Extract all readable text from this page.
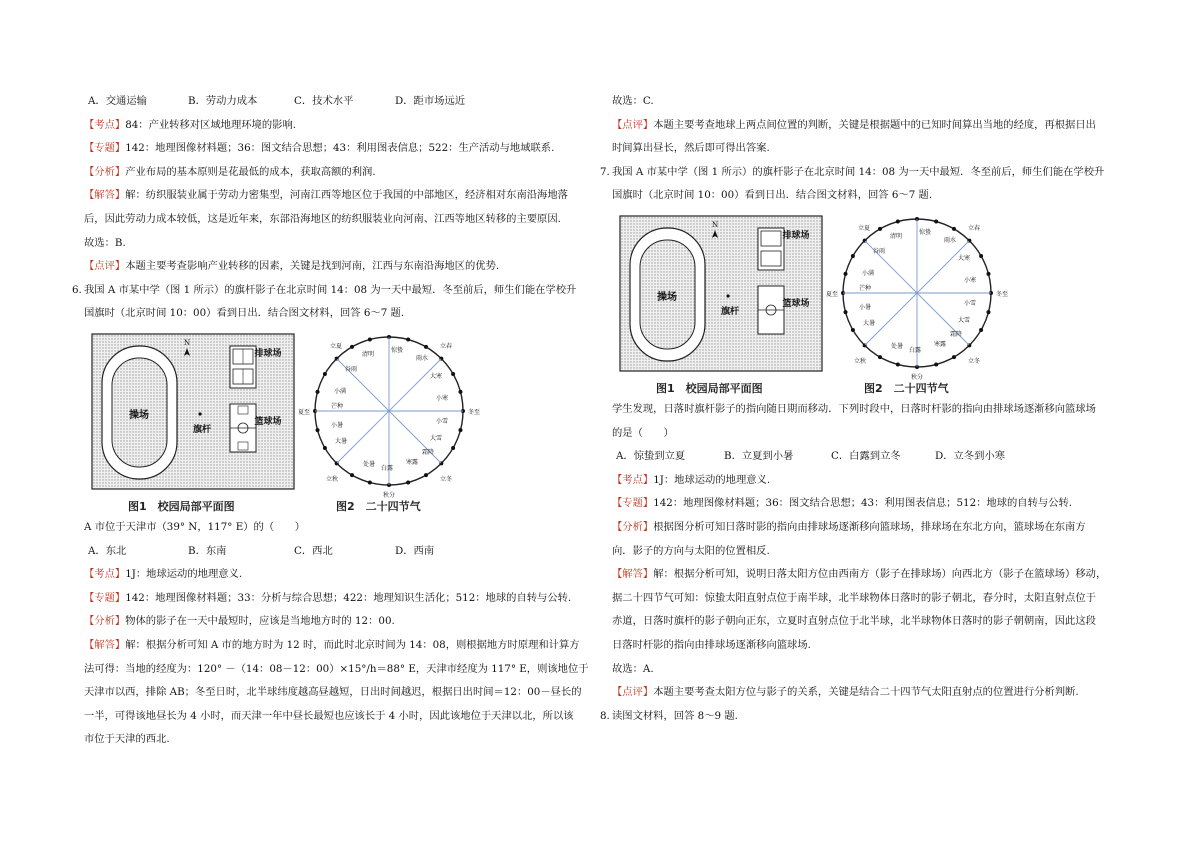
A．交通运输	B．劳动力成本	C．技术水平	D．距市场远近

【考点】84：产业转移对区域地理环境的影响.

【专题】142：地理图像材料题；36：图文结合思想；43：利用图表信息；522：生产活动与地域联系.

【分析】产业布局的基本原则是花最低的成本，获取高额的利润.

【解答】解：纺织服装业属于劳动力密集型，河南江西等地区位于我国的中部地区，经济相对东南沿海地落

后，因此劳动力成本较低，这是近年来，东部沿海地区的纺织服装业向河南、江西等地区转移的主要原因.

故选：B.

【点评】本题主要考查影响产业转移的因素，关键是找到河南，江西与东南沿海地区的优势.

6. 我国 A 市某中学（图 1 所示）的旗杆影子在北京时间 14：08 为一天中最短．冬至前后，师生们能在学校升

国旗时（北京时间 10：00）看到日出．结合图文材料，回答 6～7 题.

操场
N
旗杆
排球场
篮球场
清明
谷雨
惊蛰
雨水
小满
芒种
大寒
小寒
大暑
小暑
处暑
白露
霜降
寒露
小雪
大雪
秋分
立夏	立春
夏至	冬至
立秋	立冬
图1　校园局部平面图	图2　二十四节气

A 市位于天津市（39° N，117° E）的（　　）

A．东北	B．东南	C．西北	D．西南

【考点】1J：地球运动的地理意义.

【专题】142：地理图像材料题；33：分析与综合思想；422：地理知识生活化；512：地球的自转与公转.

【分析】物体的影子在一天中最短时，应该是当地地方时的 12：00.

【解答】解：根据分析可知 A 市的地方时为 12 时，而此时北京时间为 14：08，则根据地方时原理和计算方

法可得：当地的经度为：120° －（14：08－12：00）×15°/h＝88° E，天津市经度为 117° E，则该地位于

天津市以西，排除 AB；冬至日时，北半球纬度越高昼越短，日出时间越迟，根据日出时间＝12：00－昼长的

一半，可得该地昼长为 4 小时，而天津一年中昼长最短也应该长于 4 小时，因此该地位于天津以北，所以该

市位于天津的西北.

故选：C.

【点评】本题主要考查地球上两点间位置的判断，关键是根据题中的已知时间算出当地的经度，再根据日出

时间算出昼长，然后即可得出答案.

7. 我国 A 市某中学（图 1 所示）的旗杆影子在北京时间 14：08 为一天中最短．冬至前后，师生们能在学校升

国旗时（北京时间 10：00）看到日出．结合图文材料，回答 6～7 题.

操场
N
旗杆
排球场
篮球场
清明
谷雨
惊蛰
雨水
小满
芒种
大寒
小寒
大暑
小暑
处暑
白露
霜降
寒露
小雪
大雪
秋分
立夏	立春
夏至	冬至
立秋	立冬
图1　校园局部平面图	图2　二十四节气

学生发现，日落时旗杆影子的指向随日期而移动．下列时段中，日落时杆影的指向由排球场逐渐移向篮球场

的是（　　）

A．惊蛰到立夏	B．立夏到小暑	C．白露到立冬	D．立冬到小寒

【考点】1J：地球运动的地理意义.

【专题】142：地理图像材料题；36：图文结合思想；43：利用图表信息；512：地球的自转与公转.

【分析】根据图分析可知日落时影的指向由排球场逐渐移向篮球场，排球场在东北方向，篮球场在东南方

向．影子的方向与太阳的位置相反.

【解答】解：根据分析可知，说明日落太阳方位由西南方（影子在排球场）向西北方（影子在篮球场）移动，

据二十四节气可知：惊蛰太阳直射点位于南半球，北半球物体日落时的影子朝北，春分时，太阳直射点位于

赤道，日落时旗杆的影子朝向正东，立夏时直射点位于北半球，北半球物体日落时的影子朝朝南，因此这段

日落时杆影的指向由排球场逐渐移向篮球场.

故选：A.

【点评】本题主要考查太阳方位与影子的关系，关键是结合二十四节气太阳直射点的位置进行分析判断.

8. 读图文材料，回答 8～9 题.
